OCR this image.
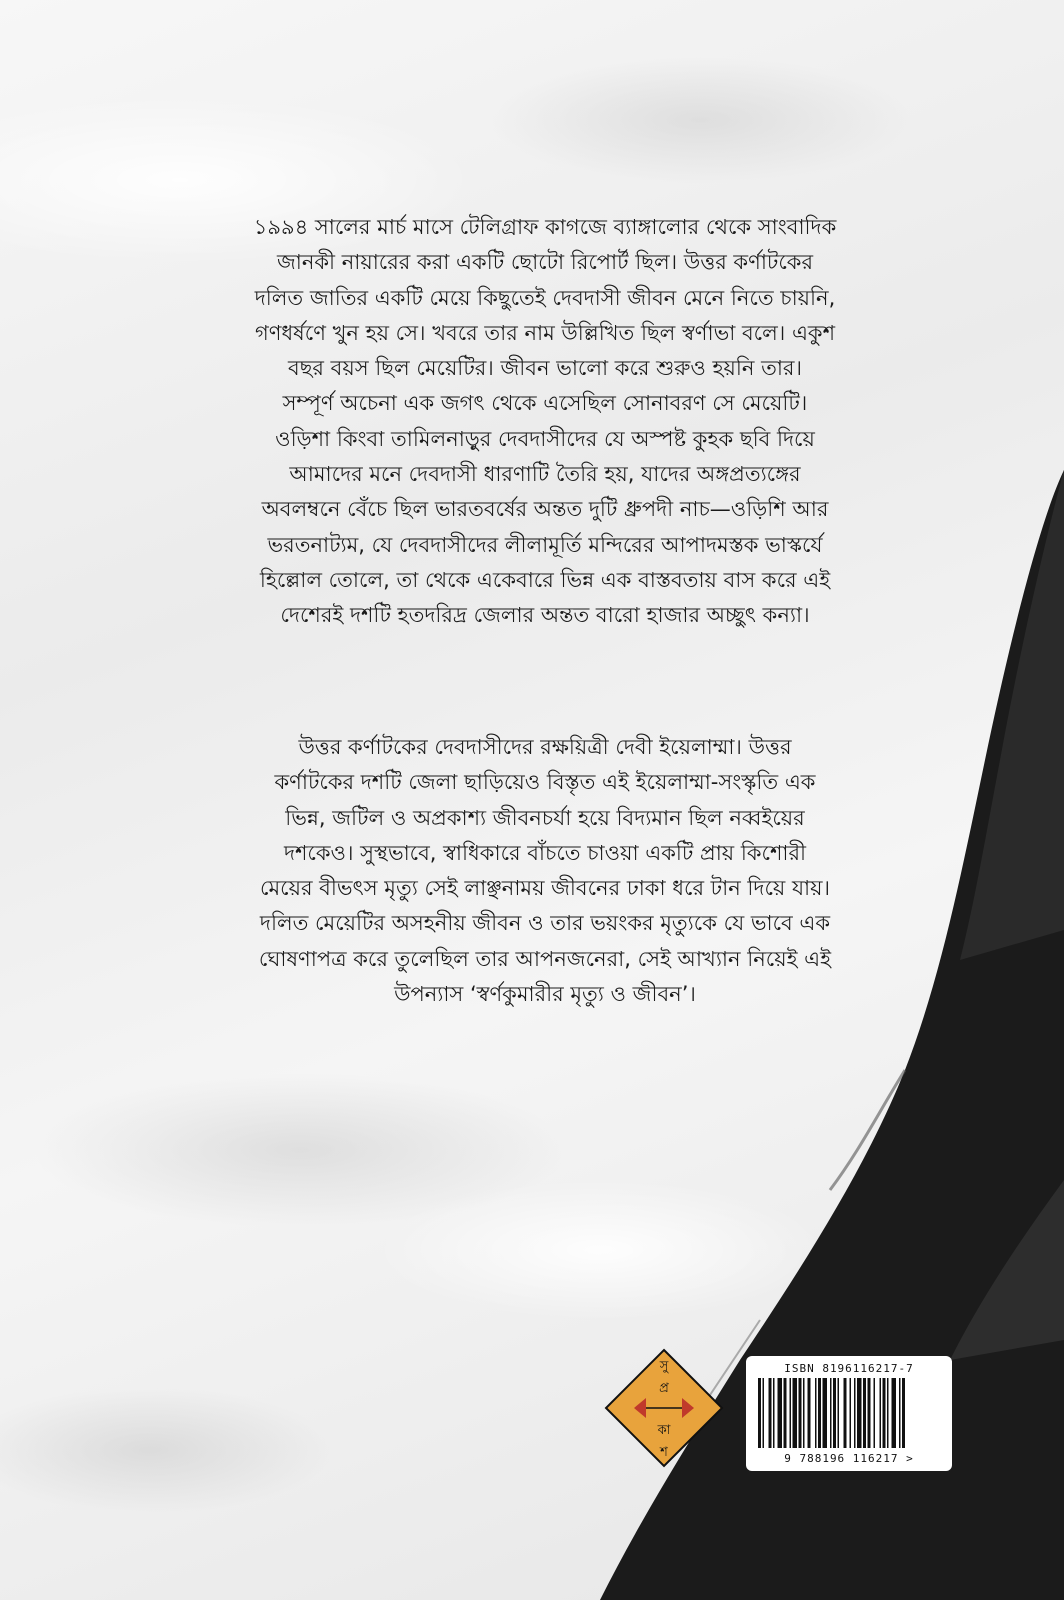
১৯৯৪ সালের মার্চ মাসে টেলিগ্রাফ কাগজে ব্যাঙ্গালোর থেকে সাংবাদিক
জানকী নায়ারের করা একটি ছোটো রিপোর্ট ছিল। উত্তর কর্ণাটকের
দলিত জাতির একটি মেয়ে কিছুতেই দেবদাসী জীবন মেনে নিতে চায়নি,
গণধর্ষণে খুন হয় সে। খবরে তার নাম উল্লিখিত ছিল স্বর্ণাভা বলে। একুশ
বছর বয়স ছিল মেয়েটির। জীবন ভালো করে শুরুও হয়নি তার।
সম্পূর্ণ অচেনা এক জগৎ থেকে এসেছিল সোনাবরণ সে মেয়েটি।
ওড়িশা কিংবা তামিলনাড়ুর দেবদাসীদের যে অস্পষ্ট কুহক ছবি দিয়ে
আমাদের মনে দেবদাসী ধারণাটি তৈরি হয়, যাদের অঙ্গপ্রত্যঙ্গের
অবলম্বনে বেঁচে ছিল ভারতবর্ষের অন্তত দুটি ধ্রুপদী নাচ—ওড়িশি আর
ভরতনাট্যম, যে দেবদাসীদের লীলামূর্তি মন্দিরের আপাদমস্তক ভাস্কর্যে
হিল্লোল তোলে, তা থেকে একেবারে ভিন্ন এক বাস্তবতায় বাস করে এই
দেশেরই দশটি হতদরিদ্র জেলার অন্তত বারো হাজার অচ্ছুৎ কন্যা।
উত্তর কর্ণাটকের দেবদাসীদের রক্ষয়িত্রী দেবী ইয়েলাম্মা। উত্তর
কর্ণাটকের দশটি জেলা ছাড়িয়েও বিস্তৃত এই ইয়েলাম্মা-সংস্কৃতি এক
ভিন্ন, জটিল ও অপ্রকাশ্য জীবনচর্যা হয়ে বিদ্যমান ছিল নব্বইয়ের
দশকেও। সুস্থভাবে, স্বাধিকারে বাঁচতে চাওয়া একটি প্রায় কিশোরী
মেয়ের বীভৎস মৃত্যু সেই লাঞ্ছনাময় জীবনের ঢাকা ধরে টান দিয়ে যায়।
দলিত মেয়েটির অসহনীয় জীবন ও তার ভয়ংকর মৃত্যুকে যে ভাবে এক
ঘোষণাপত্র করে তুলেছিল তার আপনজনেরা, সেই আখ্যান নিয়েই এই
উপন্যাস ‘স্বর্ণকুমারীর মৃত্যু ও জীবন’।
সু
প্র
কা
শ
ISBN 8196116217-7
9 788196 116217 >
